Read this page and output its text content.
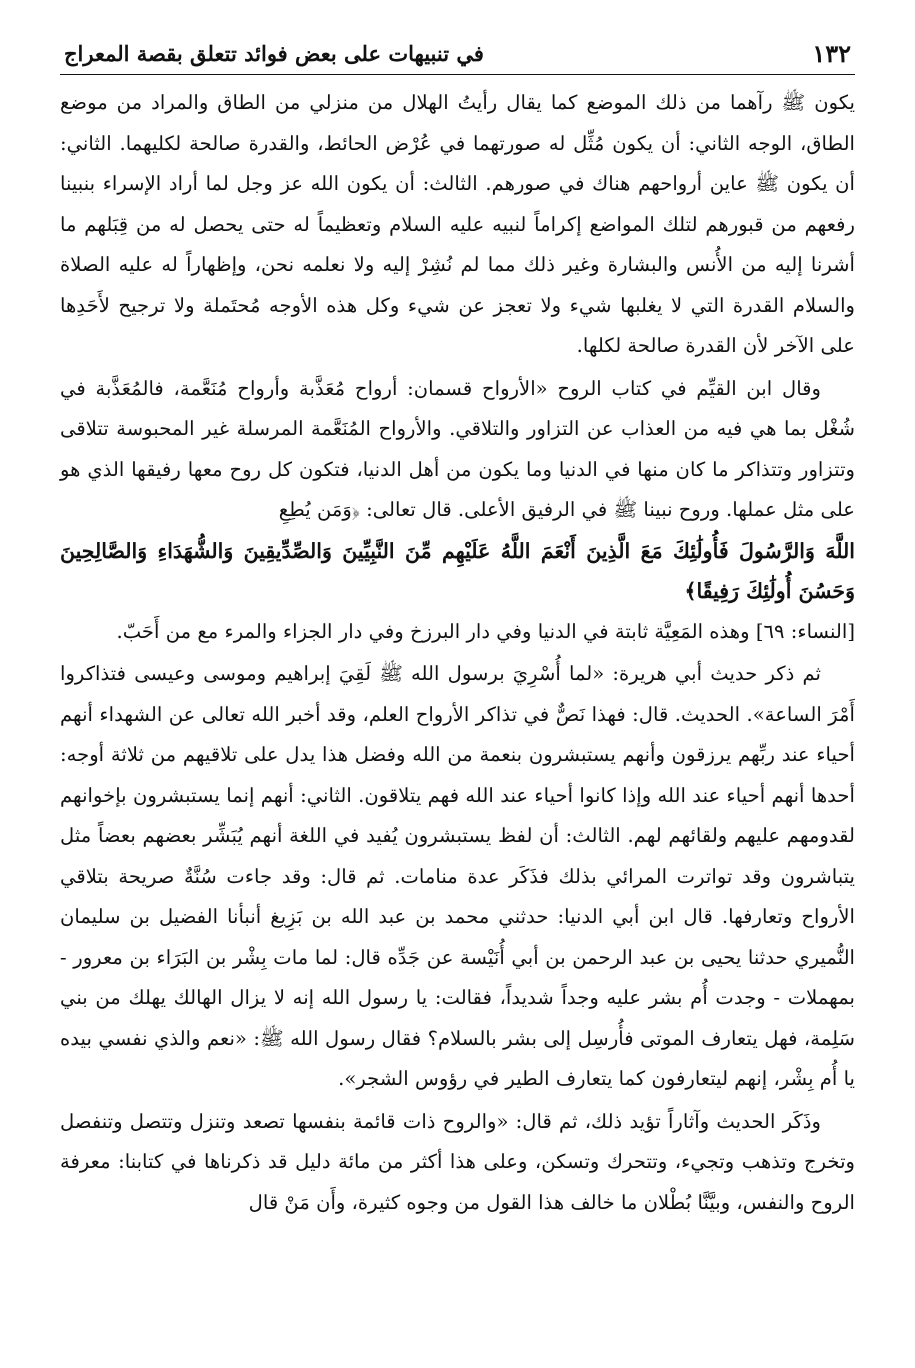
١٣٢
في تنبيهات على بعض فوائد تتعلق بقصة المعراج

يكون ﷺ رآهما من ذلك الموضع كما يقال رأيتُ الهلال من منزلي من الطاق والمراد من موضع الطاق، الوجه الثاني: أن يكون مُثِّل له صورتهما في عُرْض الحائط، والقدرة صالحة لكليهما. الثاني: أن يكون ﷺ عاين أرواحهم هناك في صورهم. الثالث: أن يكون الله عز وجل لما أراد الإسراء بنبينا رفعهم من قبورهم لتلك المواضع إكراماً لنبيه عليه السلام وتعظيماً له حتى يحصل له من قِبَلهم ما أشرنا إليه من الأُنس والبشارة وغير ذلك مما لم نُشِرْ إليه ولا نعلمه نحن، وإظهاراً له عليه الصلاة والسلام القدرة التي لا يغلبها شيء ولا تعجز عن شيء وكل هذه الأوجه مُحتَملة ولا ترجيح لأَحَدِها على الآخر لأن القدرة صالحة لكلها.

وقال ابن القيِّم في كتاب الروح «الأرواح قسمان: أرواح مُعَذَّبة وأرواح مُنَعَّمة، فالمُعَذَّبة في شُغْل بما هي فيه من العذاب عن التزاور والتلاقي. والأرواح المُنَعَّمة المرسلة غير المحبوسة تتلاقى وتتزاور وتتذاكر ما كان منها في الدنيا وما يكون من أهل الدنيا، فتكون كل روح معها رفيقها الذي هو على مثل عملها. وروح نبينا ﷺ في الرفيق الأعلى. قال تعالى: ﴿وَمَن يُطِعِ

اللَّهَ وَالرَّسُولَ فَأُولَٰئِكَ مَعَ الَّذِينَ أَنْعَمَ اللَّهُ عَلَيْهِم مِّنَ النَّبِيِّينَ وَالصِّدِّيقِينَ وَالشُّهَدَاءِ وَالصَّالِحِينَ وَحَسُنَ أُولَٰئِكَ رَفِيقًا﴾

[النساء: ٦٩] وهذه المَعِيَّة ثابتة في الدنيا وفي دار البرزخ وفي دار الجزاء والمرء مع من أَحَبّ.

ثم ذكر حديث أبي هريرة: «لما أُسْرِيَ برسول الله ﷺ لَقِيَ إبراهيم وموسى وعيسى فتذاكروا أَمْرَ الساعة». الحديث. قال: فهذا نَصٌّ في تذاكر الأرواح العلم، وقد أخبر الله تعالى عن الشهداء أنهم أحياء عند ربِّهم يرزقون وأنهم يستبشرون بنعمة من الله وفضل هذا يدل على تلاقيهم من ثلاثة أوجه: أحدها أنهم أحياء عند الله وإذا كانوا أحياء عند الله فهم يتلاقون. الثاني: أنهم إنما يستبشرون بإخوانهم لقدومهم عليهم ولقائهم لهم. الثالث: أن لفظ يستبشرون يُفيد في اللغة أنهم يُبَشِّر بعضهم بعضاً مثل يتباشرون وقد تواترت المرائي بذلك فذَكَر عدة منامات. ثم قال: وقد جاءت سُنَّةٌ صريحة بتلاقي الأرواح وتعارفها. قال ابن أبي الدنيا: حدثني محمد بن عبد الله بن بَزِيغ أنبأنا الفضيل بن سليمان النُّميري حدثنا يحيى بن عبد الرحمن بن أبي أُنَيْسة عن جَدِّه قال: لما مات بِشْر بن البَرَاء بن معرور - بمهملات - وجدت أُم بشر عليه وجداً شديداً، فقالت: يا رسول الله إنه لا يزال الهالك يهلك من بني سَلِمة، فهل يتعارف الموتى فأُرسِل إلى بشر بالسلام؟ فقال رسول الله ﷺ: «نعم والذي نفسي بيده يا أُم بِشْر، إنهم ليتعارفون كما يتعارف الطير في رؤوس الشجر».

وذَكَر الحديث وآثاراً تؤيد ذلك، ثم قال: «والروح ذات قائمة بنفسها تصعد وتنزل وتتصل وتنفصل وتخرج وتذهب وتجيء، وتتحرك وتسكن، وعلى هذا أكثر من مائة دليل قد ذكرناها في كتابنا: معرفة الروح والنفس، وبيَّنَّا بُطْلان ما خالف هذا القول من وجوه كثيرة، وأَن مَنْ قال
